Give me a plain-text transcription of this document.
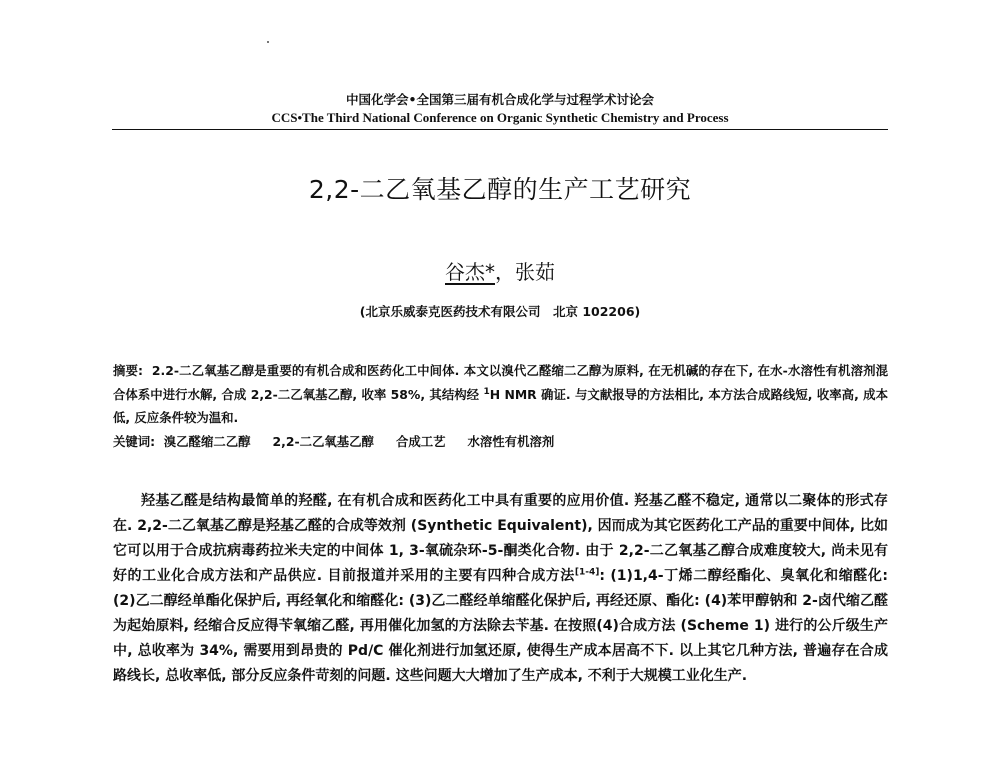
中国化学会•全国第三届有机合成化学与过程学术讨论会
CCS•The Third National Conference on Organic Synthetic Chemistry and Process
2,2-二乙氧基乙醇的生产工艺研究
谷杰*，张茹
(北京乐威泰克医药技术有限公司　北京 102206)

摘要: 2.2-二乙氧基乙醇是重要的有机合成和医药化工中间体. 本文以溴代乙醛缩二乙醇为原料, 在无机碱的存在下, 在水-水溶性有机溶剂混合体系中进行水解, 合成 2,2-二乙氧基乙醇, 收率 58%, 其结构经 $^1$H NMR 确证. 与文献报导的方法相比, 本方法合成路线短, 收率高, 成本低, 反应条件较为温和.

关键词: 溴乙醛缩二乙醇 2,2-二乙氧基乙醇 合成工艺 水溶性有机溶剂

羟基乙醛是结构最简单的羟醛, 在有机合成和医药化工中具有重要的应用价值. 羟基乙醛不稳定, 通常以二聚体的形式存在. 2,2-二乙氧基乙醇是羟基乙醛的合成等效剂 (Synthetic Equivalent), 因而成为其它医药化工产品的重要中间体, 比如它可以用于合成抗病毒药拉米夫定的中间体 1, 3-氧硫杂环-5-酮类化合物. 由于 2,2-二乙氧基乙醇合成难度较大, 尚未见有好的工业化合成方法和产品供应. 目前报道并采用的主要有四种合成方法[1-4]: (1)1,4-丁烯二醇经酯化、臭氧化和缩醛化: (2)乙二醇经单酯化保护后, 再经氧化和缩醛化: (3)乙二醛经单缩醛化保护后, 再经还原、酯化: (4)苯甲醇钠和 2-卤代缩乙醛为起始原料, 经缩合反应得苄氧缩乙醛, 再用催化加氢的方法除去苄基. 在按照(4)合成方法 (Scheme 1) 进行的公斤级生产中, 总收率为 34%, 需要用到昂贵的 Pd/C 催化剂进行加氢还原, 使得生产成本居高不下. 以上其它几种方法, 普遍存在合成路线长, 总收率低, 部分反应条件苛刻的问题. 这些问题大大增加了生产成本, 不利于大规模工业化生产.
